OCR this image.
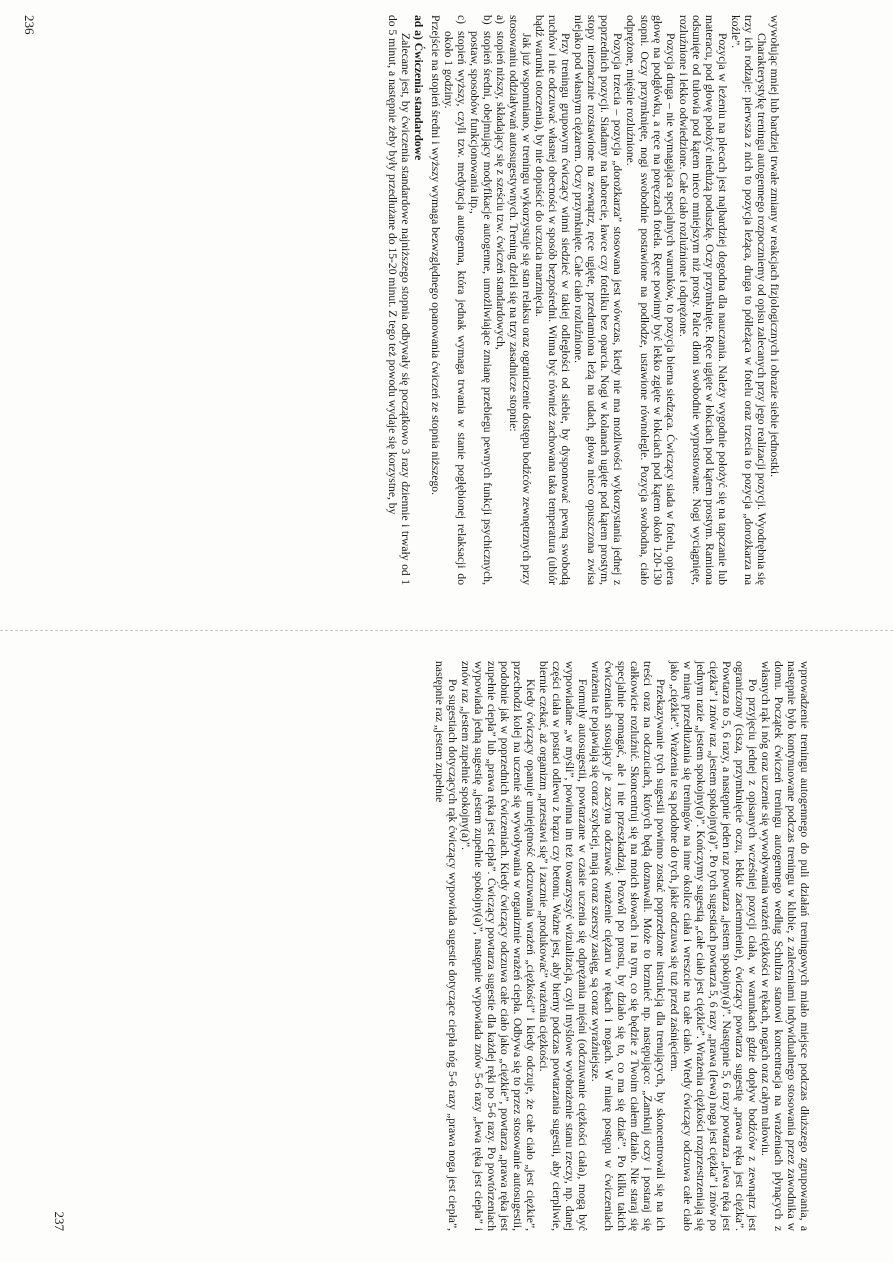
wywołując mniej lub bardziej trwałe zmiany w reakcjach fizjologicznych i obrazie siebie jednostki.

Charakterystykę treningu autogennego rozpoczniemy od opisu zalecanych przy jego realizacji pozycji. Wyodrębnia się trzy ich rodzaje: pierwsza z nich to pozycja leżąca, druga to półleżąca w fotelu oraz trzecia to pozycja „dorożkarza na koźle”.

Pozycja w leżeniu na plecach jest najbardziej dogodna dla nauczania. Należy wygodnie położyć się na tapczanie lub materacu, pod głowę położyć niedużą poduszkę. Oczy przymknięte. Ręce ugięte w łokciach pod kątem prostym. Ramiona odsunięte od tułowia pod kątem nieco mniejszym niż prosty. Palce dłoni swobodnie wyprostowane. Nogi wyciągnięte, rozluźnione i lekko odwiedzione. Całe ciało rozluźnione i odprężone.

Pozycja druga – nie wymagająca specjalnych warunków, to pozycja bierna siedząca. Ćwiczący siada w fotelu, opiera głowę na podgłówku, a ręce na poręczach fotela. Ręce powinny być lekko zgięte w łokciach pod kątem około 120-130 stopni. Oczy przymknięte, nogi swobodnie postawione na podłodze, ustawione równolegle. Pozycja swobodna, ciało odprężone, mięśnie rozluźnione.

Pozycja trzecia – pozycja „dorożkarza” stosowana jest wówczas, kiedy nie ma możliwości wykorzystania jednej z poprzednich pozycji. Siadamy na taborecie, ławce czy foteliku bez oparcia. Nogi w kolanach ugięte pod kątem prostym, stopy nieznacznie rozstawione na zewnątrz, ręce ugięte, przedramiona leżą na udach, głowa nieco opuszczona zwisa niejako pod własnym ciężarem. Oczy przymknięte. Całe ciało rozluźnione.

Przy treningu grupowym ćwiczący winni siedzieć w takiej odległości od siebie, by dysponować pewną swobodą ruchów i nie odczuwać własnej obecności w sposób bezpośredni. Winna być również zachowana taka temperatura (ubiór bądź warunki otoczenia), by nie dopuścić do uczucia marznięcia.

Jak już wspomniano, w treningu wykorzystuje się stan relaksu oraz ograniczenie dostępu bodźców zewnętrznych przy stosowaniu oddziaływań autosugestywnych. Trening dzieli się na trzy zasadnicze stopnie:

a)
stopień niższy, składający się z sześciu tzw. ćwiczeń standardowych,
b)
stopień średni, obejmujący modyfikacje autogenne, umożliwiające zmianę przebiegu pewnych funkcji psychicznych, postaw, sposobów funkcjonowania itp.,
c)
stopień wyższy, czyli tzw. medytacja autogenna, która jednak wymaga trwania w stanie pogłębionej relaksacji do około 1 godziny.

Przejście na stopień średni i wyższy wymaga bezwzględnego opanowania ćwiczeń ze stopnia niższego.

ad a) Ćwiczenia standardowe

Zalecane jest, by ćwiczenia standardowe najniższego stopnia odbywały się początkowo 3 razy dziennie i trwały od 1 do 5 minut, a następnie żeby były przedłużane do 15-20 minut. Z tego też powodu wydaje się korzystne, by

236

wprowadzenie treningu autogennego do puli działań treningowych miało miejsce podczas dłuższego zgrupowania, a następnie było kontynuowane podczas treningu w klubie, z zaleceniami indywidualnego stosowania przez zawodnika w domu. Początek ćwiczeń treningu autogennego według Schultza stanowi koncentracja na wrażeniach płynących z własnych rąk i nóg oraz uczenie się wywoływania wrażeń ciężkości w rękach, nogach oraz całym tułowiu.

Po przyjęciu jednej z opisanych wcześniej pozycji ciała, w warunkach gdzie dopływ bodźców z zewnątrz jest ograniczony (cisza, przymknięcie oczu, lekkie zaciemnienie), ćwiczący powtarza sugestię „prawa ręka jest ciężka”. Powtarza to 5, 6 razy, a następnie jeden raz powtarza „jestem spokojny(a)”. Następnie 5, 6 razy powtarza „lewa ręka jest ciężka” i znów raz „jestem spokojny(a)”. Po tych sugestiach powtarza 5, 6 razy „prawa (lewa) noga jest ciężka” i znów po jednym razie „jestem spokojny(a)”. Kończymy sugestią „całe ciało jest ciężkie”. Wrażenia ciężkości rozprzestrzeniają się w miarę przedłużania się treningów na inne okolice ciała i wreszcie na całe ciało. Wtedy ćwiczący odczuwa całe ciało jako „ciężkie”. Wrażenia te są podobne do tych, jakie odczuwa się tuż przed zaśnięciem.

Przekazywanie tych sugestii powinno zostać poprzedzone instrukcją dla trenujących, by skoncentrowali się na ich treści oraz na odczuciach, których będą doznawali. Może to brzmieć np. następująco: „Zamknij oczy i postaraj się całkowicie rozluźnić. Skoncentruj się na moich słowach i na tym, co się będzie z Twoim ciałem działo. Nie staraj się specjalnie pomagać, ale i nie przeszkadzaj. Pozwól po prostu, by działo się to, co ma się dziać”. Po kilku takich ćwiczeniach stosujący je zaczyna odczuwać wrażenie ciężaru w rękach i nogach. W miarę postępu w ćwiczeniach wrażenia te pojawiają się coraz szybciej, mają coraz szerszy zasięg, są coraz wyraźniejsze.

Formuły autosugestii, powtarzane w czasie uczenia się odprężania mięśni (odczuwanie ciężkości ciała), mogą być wypowiadane „w myśli”, powinna im też towarzyszyć wizualizacja, czyli myślowe wyobrażenie stanu rzeczy, np. danej części ciała w postaci odlewu z brązu czy betonu. Ważne jest, aby bierny podczas powtarzania sugestii, aby cierpliwie, biernie czekać, aż organizm „przestawi się” i zacznie „produkować” wrażenia ciężkości.

Kiedy ćwiczący opanuje umiejętność odczuwania wrażeń „ciężkości” i kiedy odczuje, że całe ciało „jest ciężkie”, przechodzi kolej na uczenie się wywoływania w organizmie wrażeń ciepła. Odbywa się to przez stosowanie autosugestii, podobnie jak w poprzednich ćwiczeniach. Kiedy ćwiczący odczuwa całe ciało jako „ciężkie”, powtarza „prawa ręka jest zupełnie ciepła” lub „prawa ręka jest ciepła”. Ćwiczący powtarza sugestie dla każdej ręki po 5-6 razy. Po powtórzeniach wypowiada jedną sugestię „jestem zupełnie spokojny(a)”, następnie wypowiada znów 5-6 razy „lewa ręka jest ciepła” i znów raz „jestem zupełnie spokojny(a)”.

Po sugestiach dotyczących rąk ćwiczący wypowiada sugestie dotyczące ciepła nóg 5-6 razy „prawa noga jest ciepła”, następnie raz „jestem zupełnie

237
